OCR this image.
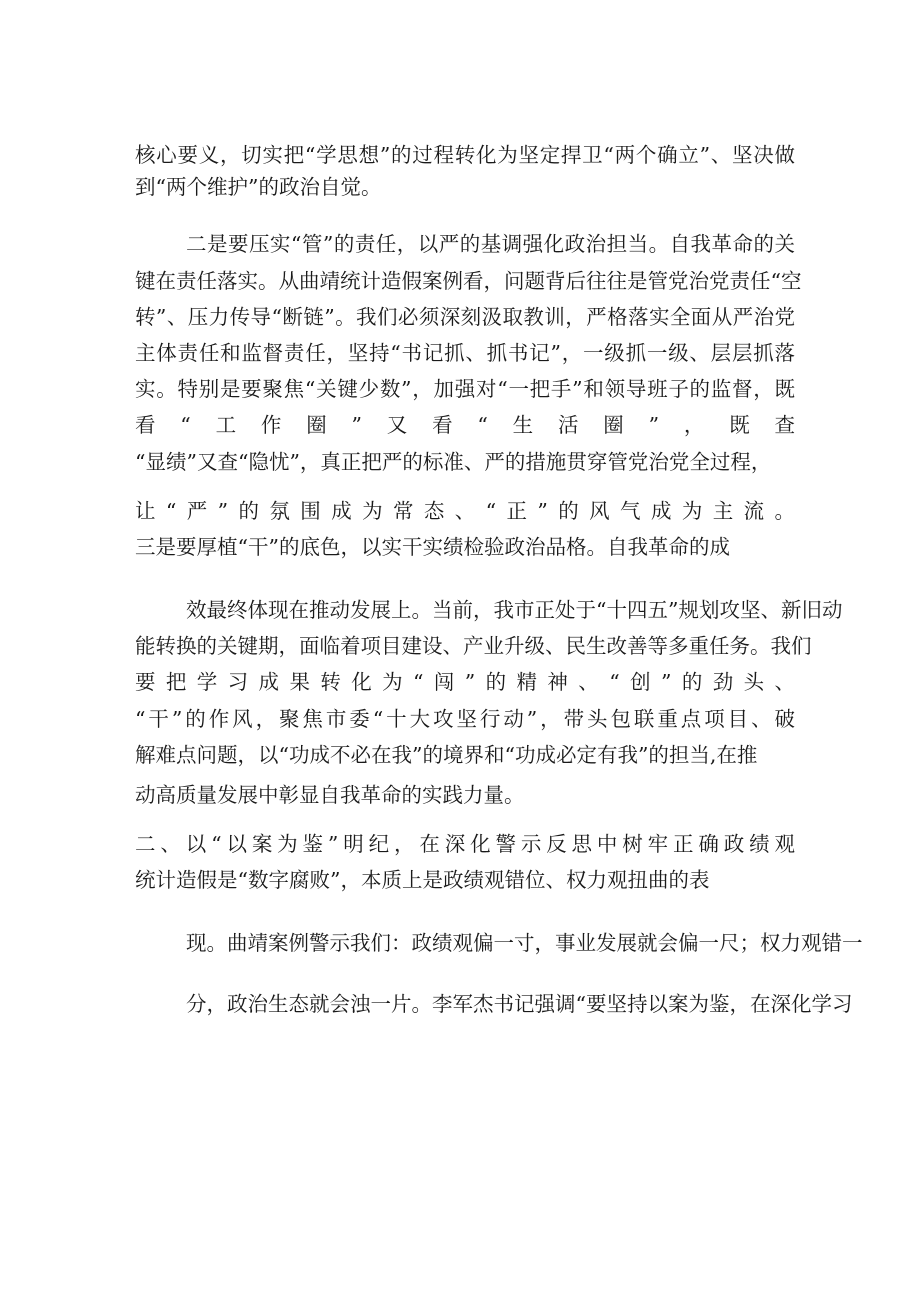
核心要义，切实把“学思想”的过程转化为坚定捍卫“两个确立”、坚决做
到“两个维护”的政治自觉。
二是要压实“管”的责任，以严的基调强化政治担当。自我革命的关
键在责任落实。从曲靖统计造假案例看，问题背后往往是管党治党责任“空
转”、压力传导“断链”。我们必须深刻汲取教训，严格落实全面从严治党
主体责任和监督责任，坚持“书记抓、抓书记”，一级抓一级、层层抓落
实。特别是要聚焦“关键少数”，加强对“一把手”和领导班子的监督，既
看“工作圈”又看“生活圈”，既查
“显绩”又查“隐忧”，真正把严的标准、严的措施贯穿管党治党全过程，
让“严”的氛围成为常态、“正”的风气成为主流。
三是要厚植“干”的底色，以实干实绩检验政治品格。自我革命的成
效最终体现在推动发展上。当前，我市正处于“十四五”规划攻坚、新旧动
能转换的关键期，面临着项目建设、产业升级、民生改善等多重任务。我们
要把学习成果转化为“闯”的精神、“创”的劲头、
“干”的作风，聚焦市委“十大攻坚行动”，带头包联重点项目、破
解难点问题，以“功成不必在我”的境界和“功成必定有我”的担当,在推
动高质量发展中彰显自我革命的实践力量。
二、以“以案为鉴”明纪，在深化警示反思中树牢正确政绩观
统计造假是“数字腐败”，本质上是政绩观错位、权力观扭曲的表
现。曲靖案例警示我们：政绩观偏一寸，事业发展就会偏一尺；权力观错一
分，政治生态就会浊一片。李军杰书记强调“要坚持以案为鉴，在深化学习
